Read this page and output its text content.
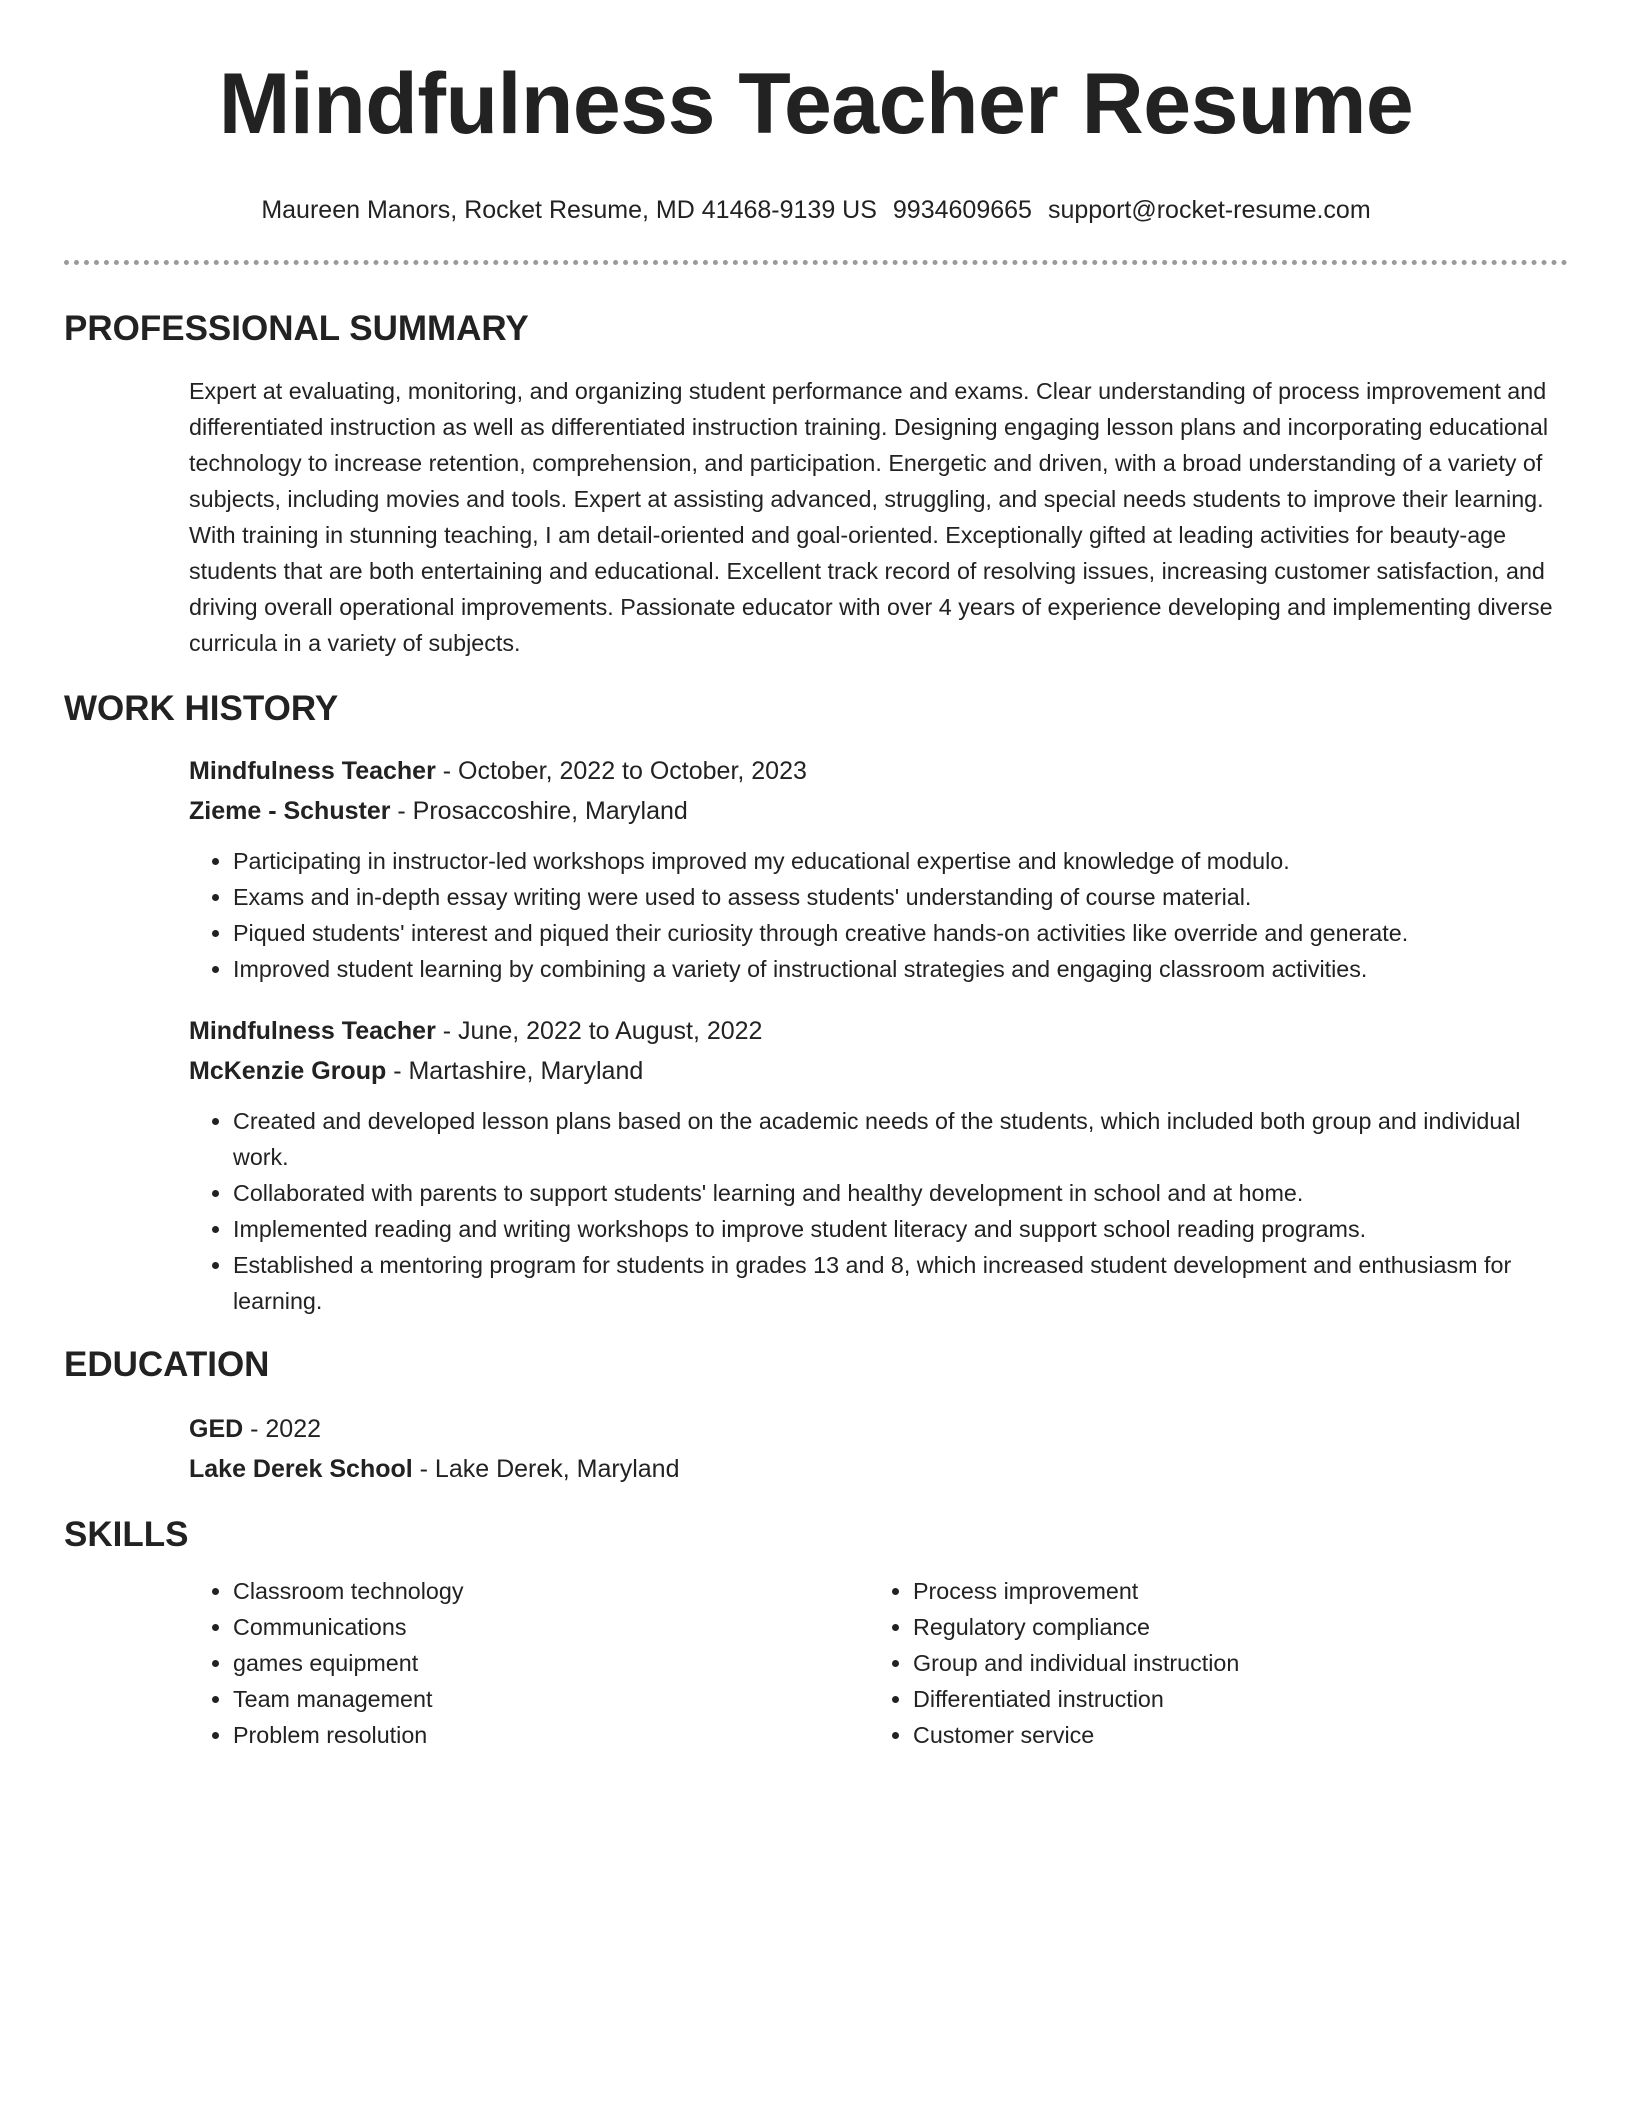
Mindfulness Teacher Resume
Maureen Manors, Rocket Resume, MD 41468-9139 US 9934609665 support@rocket-resume.com
PROFESSIONAL SUMMARY

Expert at evaluating, monitoring, and organizing student performance and exams. Clear understanding of process improvement and differentiated instruction as well as differentiated instruction training. Designing engaging lesson plans and incorporating educational technology to increase retention, comprehension, and participation. Energetic and driven, with a broad understanding of a variety of subjects, including movies and tools. Expert at assisting advanced, struggling, and special needs students to improve their learning. With training in stunning teaching, I am detail-oriented and goal-oriented. Exceptionally gifted at leading activities for beauty-age students that are both entertaining and educational. Excellent track record of resolving issues, increasing customer satisfaction, and driving overall operational improvements. Passionate educator with over 4 years of experience developing and implementing diverse curricula in a variety of subjects.

WORK HISTORY
Mindfulness Teacher - October, 2022 to October, 2023
Zieme - Schuster - Prosaccoshire, Maryland
• Participating in instructor-led workshops improved my educational expertise and knowledge of modulo.
• Exams and in-depth essay writing were used to assess students' understanding of course material.
• Piqued students' interest and piqued their curiosity through creative hands-on activities like override and generate.
• Improved student learning by combining a variety of instructional strategies and engaging classroom activities.
Mindfulness Teacher - June, 2022 to August, 2022
McKenzie Group - Martashire, Maryland
• Created and developed lesson plans based on the academic needs of the students, which included both group and individual work.
• Collaborated with parents to support students' learning and healthy development in school and at home.
• Implemented reading and writing workshops to improve student literacy and support school reading programs.
• Established a mentoring program for students in grades 13 and 8, which increased student development and enthusiasm for learning.
EDUCATION
GED - 2022
Lake Derek School - Lake Derek, Maryland
SKILLS
• Classroom technology
• Communications
• games equipment
• Team management
• Problem resolution
• Process improvement
• Regulatory compliance
• Group and individual instruction
• Differentiated instruction
• Customer service
